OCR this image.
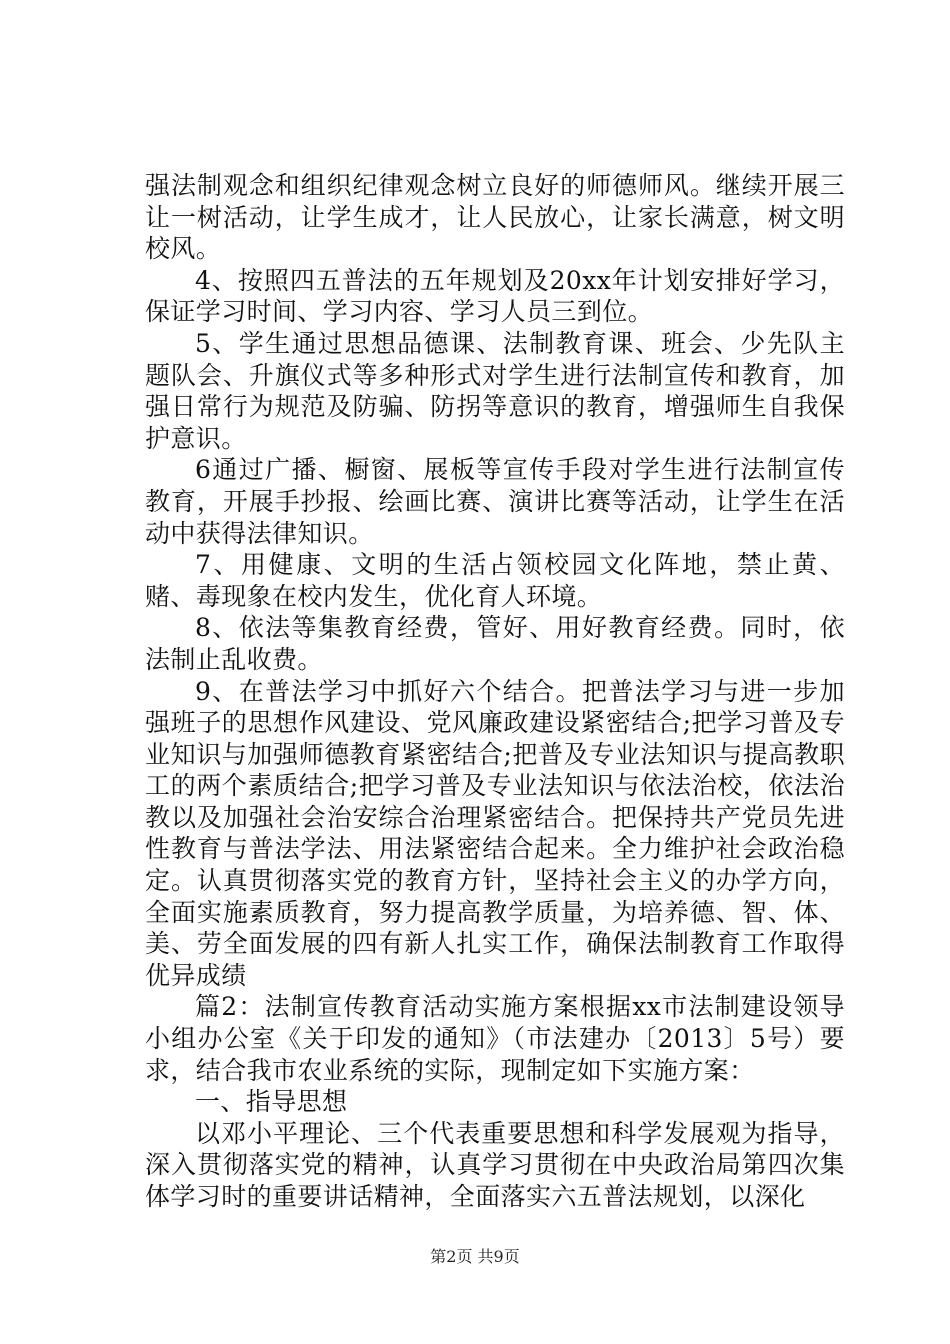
强法制观念和组织纪律观念树立良好的师德师风。继续开展三让一树活动，让学生成才，让人民放心，让家长满意，树文明校风。

4、按照四五普法的五年规划及20xx年计划安排好学习，保证学习时间、学习内容、学习人员三到位。

5、学生通过思想品德课、法制教育课、班会、少先队主题队会、升旗仪式等多种形式对学生进行法制宣传和教育，加强日常行为规范及防骗、防拐等意识的教育，增强师生自我保护意识。

6通过广播、橱窗、展板等宣传手段对学生进行法制宣传教育，开展手抄报、绘画比赛、演讲比赛等活动，让学生在活动中获得法律知识。

7、用健康、文明的生活占领校园文化阵地，禁止黄、赌、毒现象在校内发生，优化育人环境。

8、依法等集教育经费，管好、用好教育经费。同时，依法制止乱收费。

9、在普法学习中抓好六个结合。把普法学习与进一步加强班子的思想作风建设、党风廉政建设紧密结合;把学习普及专业知识与加强师德教育紧密结合;把普及专业法知识与提高教职工的两个素质结合;把学习普及专业法知识与依法治校，依法治教以及加强社会治安综合治理紧密结合。把保持共产党员先进性教育与普法学法、用法紧密结合起来。全力维护社会政治稳定。认真贯彻落实党的教育方针，坚持社会主义的办学方向，全面实施素质教育，努力提高教学质量，为培养德、智、体、美、劳全面发展的四有新人扎实工作，确保法制教育工作取得优异成绩

篇2：法制宣传教育活动实施方案根据xx市法制建设领导小组办公室《关于印发的通知》（市法建办〔2013〕5号）要求，结合我市农业系统的实际，现制定如下实施方案：

一、指导思想

以邓小平理论、三个代表重要思想和科学发展观为指导，深入贯彻落实党的精神，认真学习贯彻在中央政治局第四次集体学习时的重要讲话精神，全面落实六五普法规划，以深化

第2页 共9页
